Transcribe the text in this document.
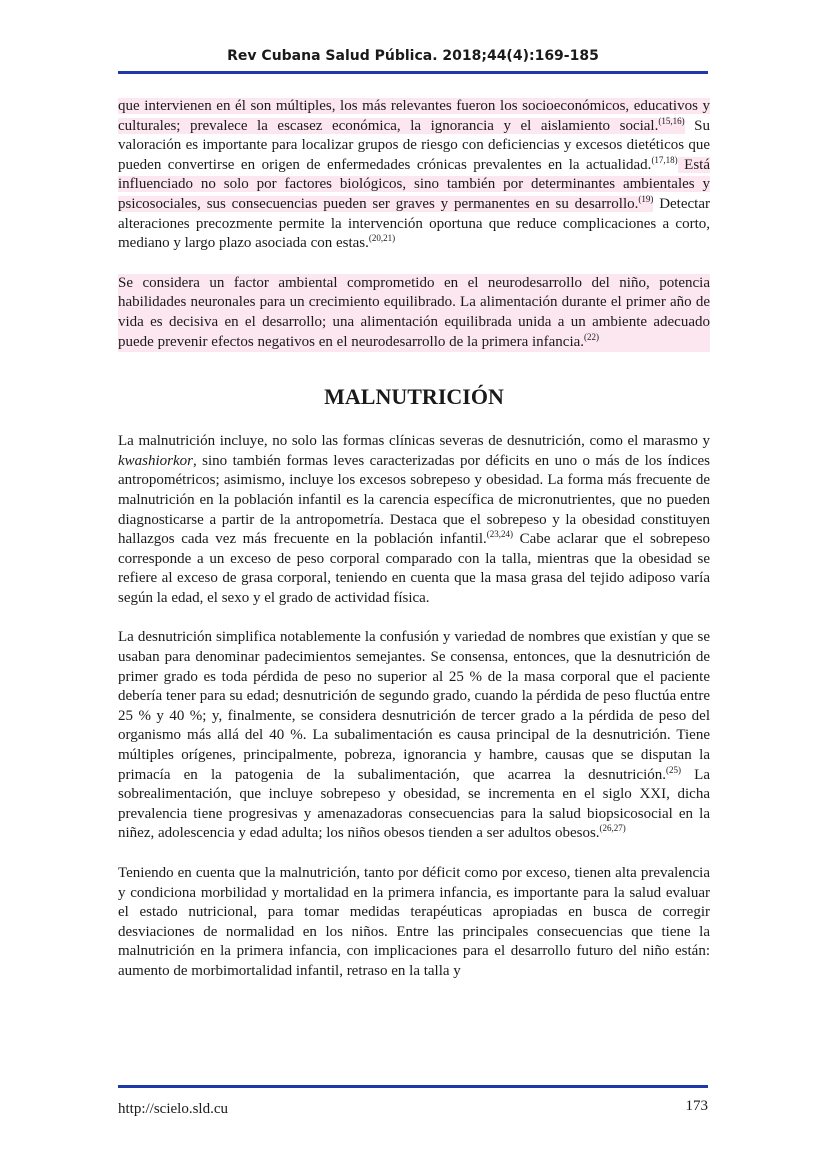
Rev Cubana Salud Pública. 2018;44(4):169-185

que intervienen en él son múltiples, los más relevantes fueron los socioeconómicos, educativos y culturales; prevalece la escasez económica, la ignorancia y el aislamiento social.$^{(15,16)}$ Su valoración es importante para localizar grupos de riesgo con deficiencias y excesos dietéticos que pueden convertirse en origen de enfermedades crónicas prevalentes en la actualidad.$^{(17,18)}$ Está influenciado no solo por factores biológicos, sino también por determinantes ambientales y psicosociales, sus consecuencias pueden ser graves y permanentes en su desarrollo.$^{(19)}$ Detectar alteraciones precozmente permite la intervención oportuna que reduce complicaciones a corto, mediano y largo plazo asociada con estas.$^{(20,21)}$

Se considera un factor ambiental comprometido en el neurodesarrollo del niño, potencia habilidades neuronales para un crecimiento equilibrado. La alimentación durante el primer año de vida es decisiva en el desarrollo; una alimentación equilibrada unida a un ambiente adecuado puede prevenir efectos negativos en el neurodesarrollo de la primera infancia.$^{(22)}$

MALNUTRICIÓN

La malnutrición incluye, no solo las formas clínicas severas de desnutrición, como el marasmo y kwashiorkor, sino también formas leves caracterizadas por déficits en uno o más de los índices antropométricos; asimismo, incluye los excesos sobrepeso y obesidad. La forma más frecuente de malnutrición en la población infantil es la carencia específica de micronutrientes, que no pueden diagnosticarse a partir de la antropometría. Destaca que el sobrepeso y la obesidad constituyen hallazgos cada vez más frecuente en la población infantil.$^{(23,24)}$ Cabe aclarar que el sobrepeso corresponde a un exceso de peso corporal comparado con la talla, mientras que la obesidad se refiere al exceso de grasa corporal, teniendo en cuenta que la masa grasa del tejido adiposo varía según la edad, el sexo y el grado de actividad física.

La desnutrición simplifica notablemente la confusión y variedad de nombres que existían y que se usaban para denominar padecimientos semejantes. Se consensa, entonces, que la desnutrición de primer grado es toda pérdida de peso no superior al 25 % de la masa corporal que el paciente debería tener para su edad; desnutrición de segundo grado, cuando la pérdida de peso fluctúa entre 25 % y 40 %; y, finalmente, se considera desnutrición de tercer grado a la pérdida de peso del organismo más allá del 40 %. La subalimentación es causa principal de la desnutrición. Tiene múltiples orígenes, principalmente, pobreza, ignorancia y hambre, causas que se disputan la primacía en la patogenia de la subalimentación, que acarrea la desnutrición.$^{(25)}$ La sobrealimentación, que incluye sobrepeso y obesidad, se incrementa en el siglo XXI, dicha prevalencia tiene progresivas y amenazadoras consecuencias para la salud biopsicosocial en la niñez, adolescencia y edad adulta; los niños obesos tienden a ser adultos obesos.$^{(26,27)}$

Teniendo en cuenta que la malnutrición, tanto por déficit como por exceso, tienen alta prevalencia y condiciona morbilidad y mortalidad en la primera infancia, es importante para la salud evaluar el estado nutricional, para tomar medidas terapéuticas apropiadas en busca de corregir desviaciones de normalidad en los niños. Entre las principales consecuencias que tiene la malnutrición en la primera infancia, con implicaciones para el desarrollo futuro del niño están: aumento de morbimortalidad infantil, retraso en la talla y

http://scielo.sld.cu	173
